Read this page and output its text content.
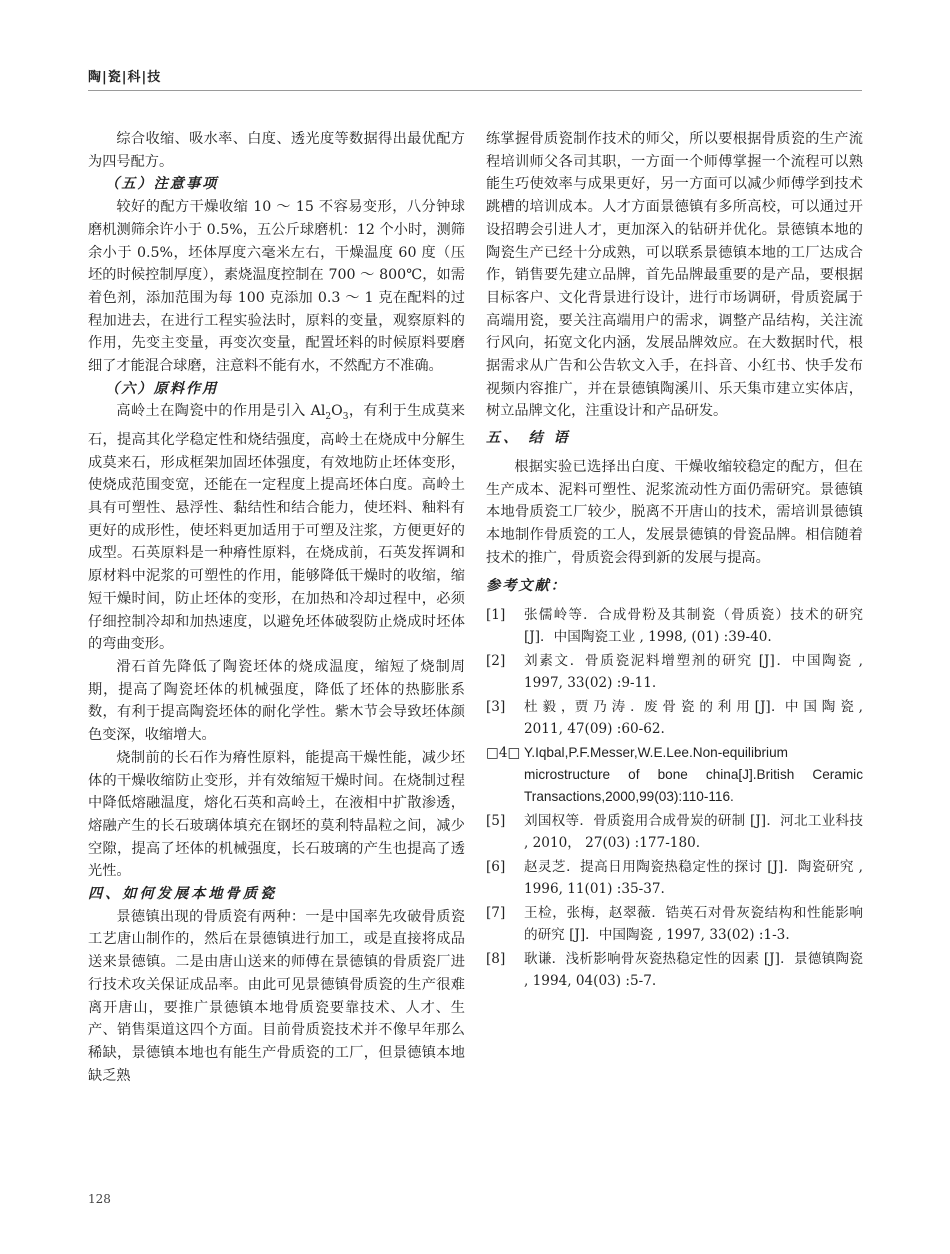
陶|瓷|科|技

综合收缩、吸水率、白度、透光度等数据得出最优配方为四号配方。

（五）注意事项

较好的配方干燥收缩 10 ～ 15 不容易变形，八分钟球磨机测筛余许小于 0.5%，五公斤球磨机：12 个小时，测筛余小于 0.5%，坯体厚度六毫米左右，干燥温度 60 度（压坯的时候控制厚度），素烧温度控制在 700 ～ 800℃，如需着色剂，添加范围为每 100 克添加 0.3 ～ 1 克在配料的过程加进去，在进行工程实验法时，原料的变量，观察原料的作用，先变主变量，再变次变量，配置坯料的时候原料要磨细了才能混合球磨，注意料不能有水，不然配方不准确。

（六）原料作用

高岭土在陶瓷中的作用是引入 $Al_2O_3$，有利于生成莫来石，提高其化学稳定性和烧结强度，高岭土在烧成中分解生成莫来石，形成框架加固坯体强度，有效地防止坯体变形，使烧成范围变宽，还能在一定程度上提高坯体白度。高岭土具有可塑性、悬浮性、黏结性和结合能力，使坯料、釉料有更好的成形性，使坯料更加适用于可塑及注浆，方便更好的成型。石英原料是一种瘠性原料，在烧成前，石英发挥调和原材料中泥浆的可塑性的作用，能够降低干燥时的收缩，缩短干燥时间，防止坯体的变形，在加热和冷却过程中，必须仔细控制冷却和加热速度，以避免坯体破裂防止烧成时坯体的弯曲变形。

滑石首先降低了陶瓷坯体的烧成温度，缩短了烧制周期，提高了陶瓷坯体的机械强度，降低了坯体的热膨胀系数，有利于提高陶瓷坯体的耐化学性。紫木节会导致坯体颜色变深，收缩增大。

烧制前的长石作为瘠性原料，能提高干燥性能，减少坯体的干燥收缩防止变形，并有效缩短干燥时间。在烧制过程中降低熔融温度，熔化石英和高岭土，在液相中扩散渗透，熔融产生的长石玻璃体填充在钢坯的莫利特晶粒之间，减少空隙，提高了坯体的机械强度，长石玻璃的产生也提高了透光性。

四、如何发展本地骨质瓷

景德镇出现的骨质瓷有两种：一是中国率先攻破骨质瓷工艺唐山制作的，然后在景德镇进行加工，或是直接将成品送来景德镇。二是由唐山送来的师傅在景德镇的骨质瓷厂进行技术攻关保证成品率。由此可见景德镇骨质瓷的生产很难离开唐山，要推广景德镇本地骨质瓷要靠技术、人才、生产、销售渠道这四个方面。目前骨质瓷技术并不像早年那么稀缺，景德镇本地也有能生产骨质瓷的工厂，但景德镇本地缺乏熟

练掌握骨质瓷制作技术的师父，所以要根据骨质瓷的生产流程培训师父各司其职，一方面一个师傅掌握一个流程可以熟能生巧使效率与成果更好，另一方面可以减少师傅学到技术跳槽的培训成本。人才方面景德镇有多所高校，可以通过开设招聘会引进人才，更加深入的钻研并优化。景德镇本地的陶瓷生产已经十分成熟，可以联系景德镇本地的工厂达成合作，销售要先建立品牌，首先品牌最重要的是产品，要根据目标客户、文化背景进行设计，进行市场调研，骨质瓷属于高端用瓷，要关注高端用户的需求，调整产品结构，关注流行风向，拓宽文化内涵，发展品牌效应。在大数据时代，根据需求从广告和公告软文入手，在抖音、小红书、快手发布视频内容推广，并在景德镇陶溪川、乐天集市建立实体店，树立品牌文化，注重设计和产品研发。

五、 结 语

根据实验已选择出白度、干燥收缩较稳定的配方，但在生产成本、泥料可塑性、泥浆流动性方面仍需研究。景德镇本地骨质瓷工厂较少，脱离不开唐山的技术，需培训景德镇本地制作骨质瓷的工人，发展景德镇的骨瓷品牌。相信随着技术的推广，骨质瓷会得到新的发展与提高。

参考文献：

[1]	张儒岭等．合成骨粉及其制瓷（骨质瓷）技术的研究 [J]．中国陶瓷工业 , 1998, (01) :39-40.
[2]	刘素文．骨质瓷泥料增塑剂的研究 [J]．中国陶瓷 , 1997, 33(02) :9-11.
[3]	杜 毅 ，贾 乃 涛 ．废 骨 瓷 的 利 用 [J]．中 国 陶 瓷 , 2011, 47(09) :60-62.
□4□ Y.Iqbal,P.F.Messer,W.E.Lee.Non-equilibrium microstructure of bone china[J].British Ceramic Transactions,2000,99(03):110-116.
[5]	刘国权等．骨质瓷用合成骨炭的研制 [J]．河北工业科技 , 2010， 27(03) :177-180.
[6]	赵灵芝．提高日用陶瓷热稳定性的探讨 [J]．陶瓷研究 , 1996, 11(01) :35-37.
[7]	王检，张梅，赵翠薇．锆英石对骨灰瓷结构和性能影响的研究 [J]．中国陶瓷 , 1997, 33(02) :1-3.
[8]	耿谦．浅析影响骨灰瓷热稳定性的因素 [J]．景德镇陶瓷 , 1994, 04(03) :5-7.
128
